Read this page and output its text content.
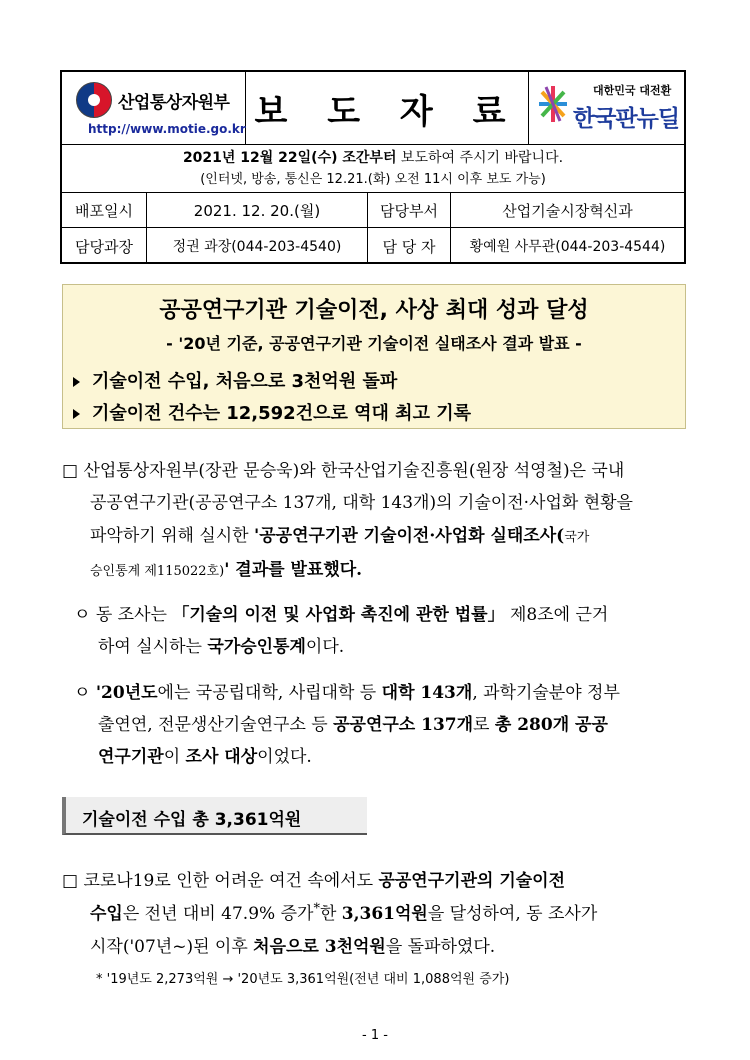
산업통상자원부
http://www.motie.go.kr 보 도 자 료
대한민국 대전환
한국판뉴딜
2021년 12월 22일(수) 조간부터 보도하여 주시기 바랍니다.
(인터넷, 방송, 통신은 12.21.(화) 오전 11시 이후 보도 가능)
배포일시	2021. 12. 20.(월)	담당부서	산업기술시장혁신과
담당과장	정권 과장(044-203-4540)	담 당 자	황예원 사무관(044-203-4544)
공공연구기관 기술이전, 사상 최대 성과 달성
- '20년 기준, 공공연구기관 기술이전 실태조사 결과 발표 -
기술이전 수입, 처음으로 3천억원 돌파
기술이전 건수는 12,592건으로 역대 최고 기록
□ 산업통상자원부(장관 문승욱)와 한국산업기술진흥원(원장 석영철)은 국내
공공연구기관(공공연구소 137개, 대학 143개)의 기술이전·사업화 현황을
파악하기 위해 실시한 '공공연구기관 기술이전·사업화 실태조사(국가
승인통계 제115022호)' 결과를 발표했다.
ㅇ 동 조사는 「기술의 이전 및 사업화 촉진에 관한 법률」 제8조에 근거
하여 실시하는 국가승인통계이다.
ㅇ '20년도에는 국공립대학, 사립대학 등 대학 143개, 과학기술분야 정부
출연연, 전문생산기술연구소 등 공공연구소 137개로 총 280개 공공
연구기관이 조사 대상이었다.
기술이전 수입 총 3,361억원
□ 코로나19로 인한 어려운 여건 속에서도 공공연구기관의 기술이전
수입은 전년 대비 47.9% 증가*한 3,361억원을 달성하여, 동 조사가
시작('07년~)된 이후 처음으로 3천억원을 돌파하였다.
* '19년도 2,273억원 → '20년도 3,361억원(전년 대비 1,088억원 증가)
- 1 -
